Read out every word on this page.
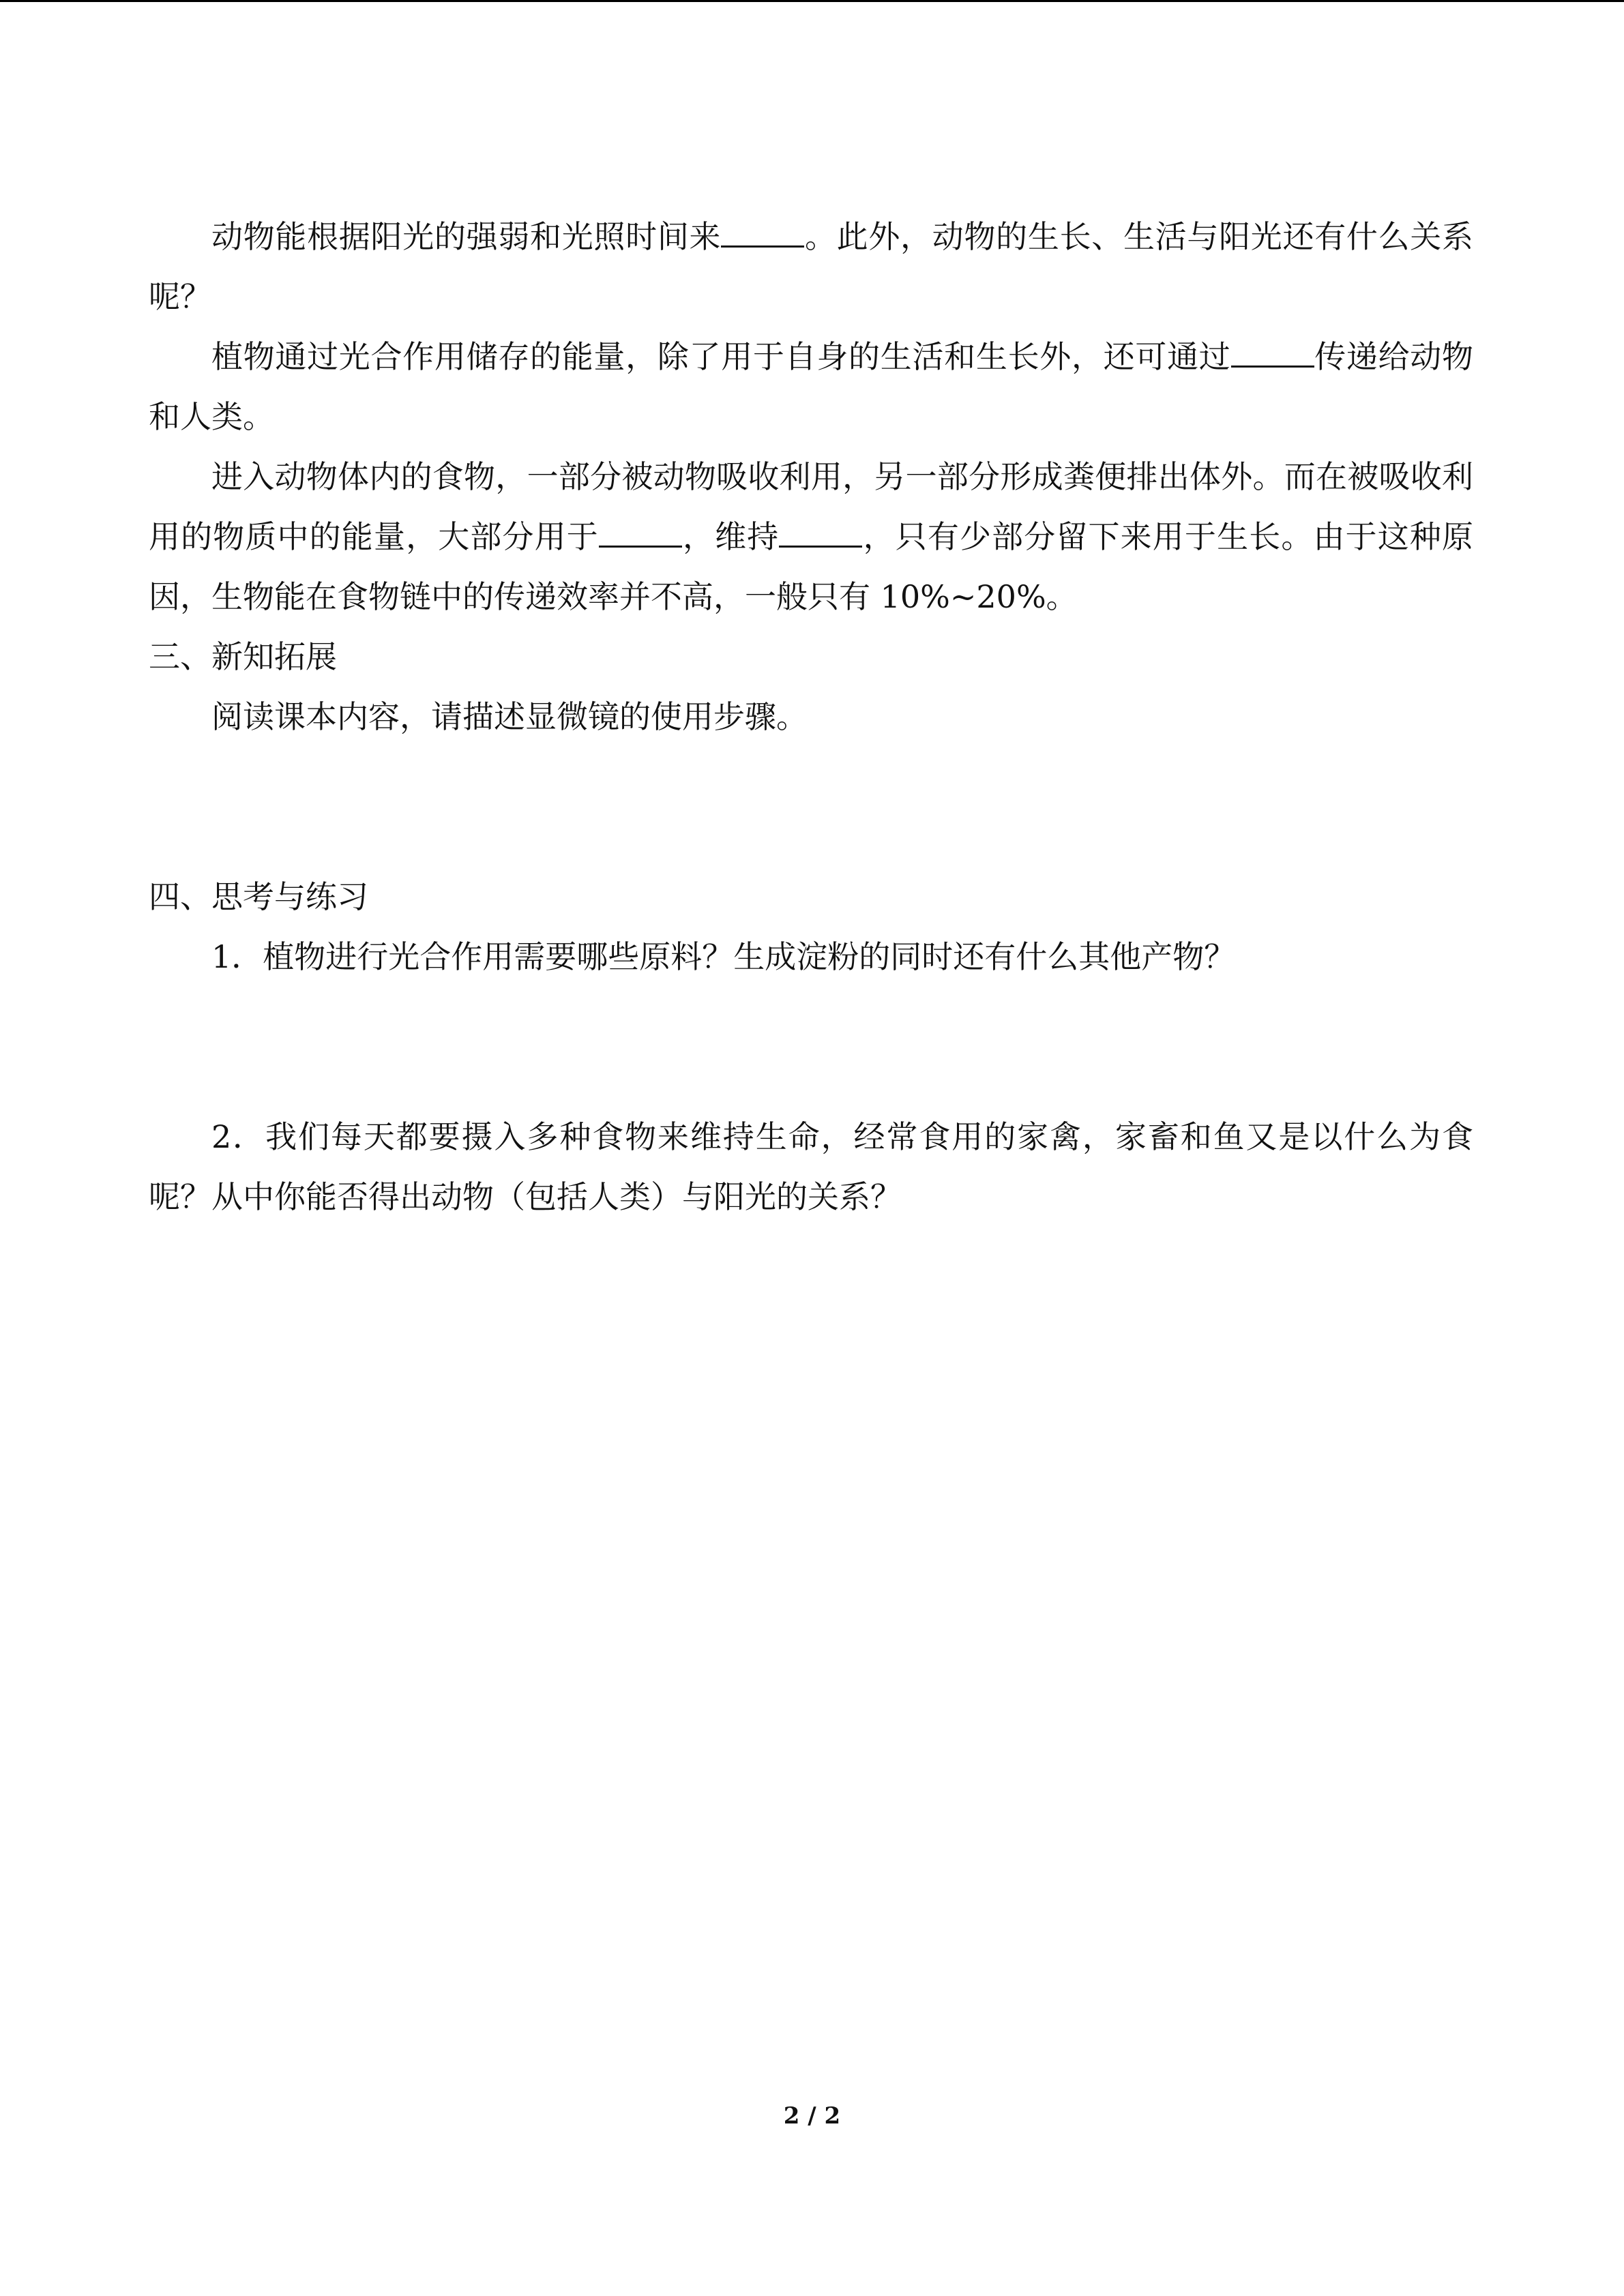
动物能根据阳光的强弱和光照时间来	。此外，动物的生长、生活与阳光还有什么关系呢？

植物通过光合作用储存的能量，除了用于自身的生活和生长外，还可通过	传递给动物和人类。

进入动物体内的食物，一部分被动物吸收利用，另一部分形成粪便排出体外。而在被吸收利用的物质中的能量，大部分用于	，维持	，只有少部分留下来用于生长。由于这种原因，生物能在食物链中的传递效率并不高，一般只有 10%~20%。

三、新知拓展

阅读课本内容，请描述显微镜的使用步骤。

四、思考与练习

1．植物进行光合作用需要哪些原料？生成淀粉的同时还有什么其他产物？

2．我们每天都要摄入多种食物来维持生命，经常食用的家禽，家畜和鱼又是以什么为食呢？从中你能否得出动物（包括人类）与阳光的关系？

2 / 2
